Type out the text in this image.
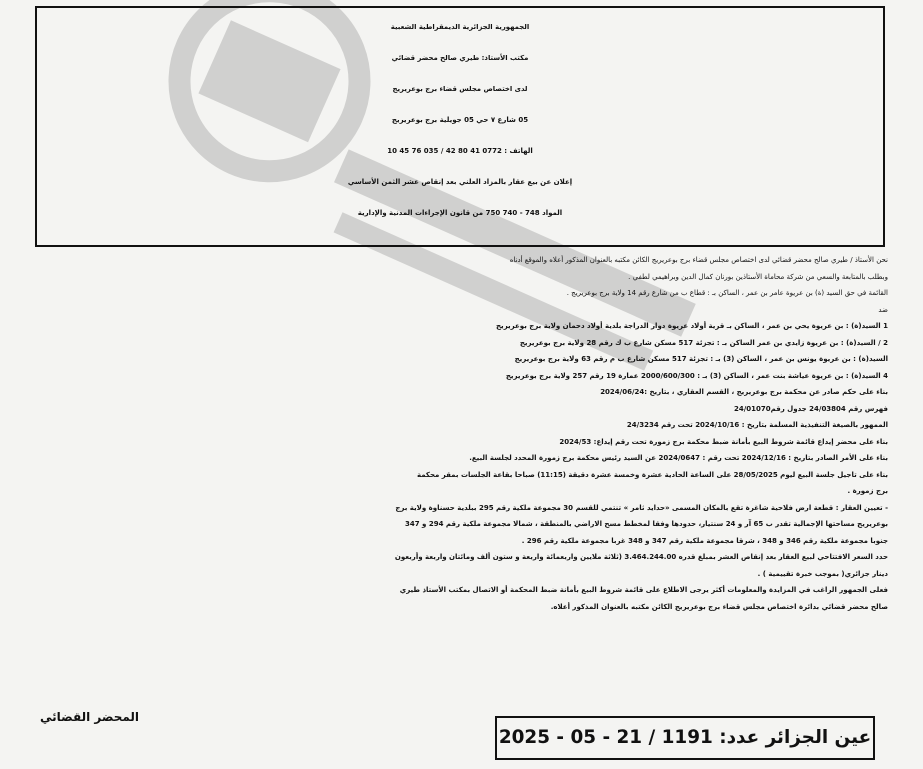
الجمهورية الجزائرية الديمقراطية الشعبية
مكتب الأستاذ: طيري صالح محضر قضائي
لدى اختصاص مجلس قضاء برج بوعريريج
05 شارع ٧ حي 05 جويلية برج بوعريريج
الهاتف : 0772 41 80 42 / 035 76 45 10
إعلان عن بيع عقار بالمزاد العلني بعد إنقاص عشر الثمن الأساسي
المواد 748 - 740 750 من قانون الإجراءات المدنية والإدارية

نحن الأستاذ / طيري صالح محضر قضائي لدى اختصاص مجلس قضاء برج بوعريريج الكائن مكتبه بالعنوان المذكور أعلاه والموقع أدناه

وبطلب بالمتابعة والسعي من شركة محاماة الأستاذين بورنان كمال الدين وبراهيمي لطفي .

القائمة في حق السيد (ة) بن عريوة عامر بن عمر ، الساكن بـ : قطاع ب من شارع رقم 14 ولاية برج بوعريريج .

ضد

1 السيد(ة) : بن عريوة يحي بن عمر ، الساكن بـ قرية أولاد عريوة دوار الدراجة بلدية أولاد دحمان ولاية برج بوعريريج

2 / السيد(ة) : بن عريوة زايدي بن عمر الساكن بـ : تجزئة 517 مسكن شارع ب ك رقم 28 ولاية برج بوعريريج

السيد(ة) : بن عريوة يونس بن عمر ، الساكن (3) بـ : تجزئة 517 مسكن شارع ب م رقم 63 ولاية برج بوعريريج

4 السيد(ة) : بن عريوة عياشة بنت عمر ، الساكن (3) بـ : 2000/600/300 عمارة 19 رقم 257 ولاية برج بوعريريج

بناء على حكم صادر عن محكمة برج بوعريريج ، القسم العقاري ، بتاريخ :2024/06/24

فهرس رقم 24/03804 جدول رقم24/01070

الممهور بالصيغة التنفيذية المسلمة بتاريخ : 2024/10/16 تحت رقم 24/3234

بناء على محضر إيداع قائمة شروط البيع بأمانة ضبط محكمة برج زمورة تحت رقم إيداع: 2024/53

بناء على الأمر الصادر بتاريخ : 2024/12/16 تحت رقم : 2024/0647 عن السيد رئيس محكمة برج زمورة المحدد لجلسة البيع.

بناء على تاجيل جلسة البيع ليوم 28/05/2025 على الساعة الحادية عشرة وخمسة عشرة دقيقة (11:15) صباحا بقاعة الجلسات بمقر محكمة

برج زمورة .

- تعيين العقار : قطعة ارض فلاحية شاغرة تقع بالمكان المسمى «حدايد ثامر » تنتمي للقسم 30 مجموعة ملكية رقم 295 ببلدية حسناوة ولاية برج

بوعريريج مساحتها الإجمالية تقدر ب 65 آر و 24 سنتيار، حدودها وفقا لمخطط مسح الاراضي بالمنطقة ، شمالا مجموعة ملكية رقم 294 و 347

جنوبا مجموعة ملكية رقم 346 و 348 ، شرقا مجموعة ملكية رقم 347 و 348 غربا مجموعة ملكية رقم 296 .

حدد السعر الافتتاحي لبيع العقار بعد إنقاص العشر بمبلغ قدره 3.464.244.00 (ثلاثة ملايين واربعمائة واربعة و ستون ألف ومائتان واربعة وأربعون

دينار جزائري( بموجب خبرة تقييمية ) .

فعلى الجمهور الراغب في المزايدة والمعلومات أكثر يرجى الاطلاع على قائمة شروط البيع بأمانة ضبط المحكمة أو الاتصال بمكتب الأستاذ طيري

صالح محضر قضائي بدائرة اختصاص مجلس قضاء برج بوعريريج الكائن مكتبه بالعنوان المذكور أعلاه.

المحضر القضائي
عين الجزائر عدد: 1191 / 21 - 05 - 2025
